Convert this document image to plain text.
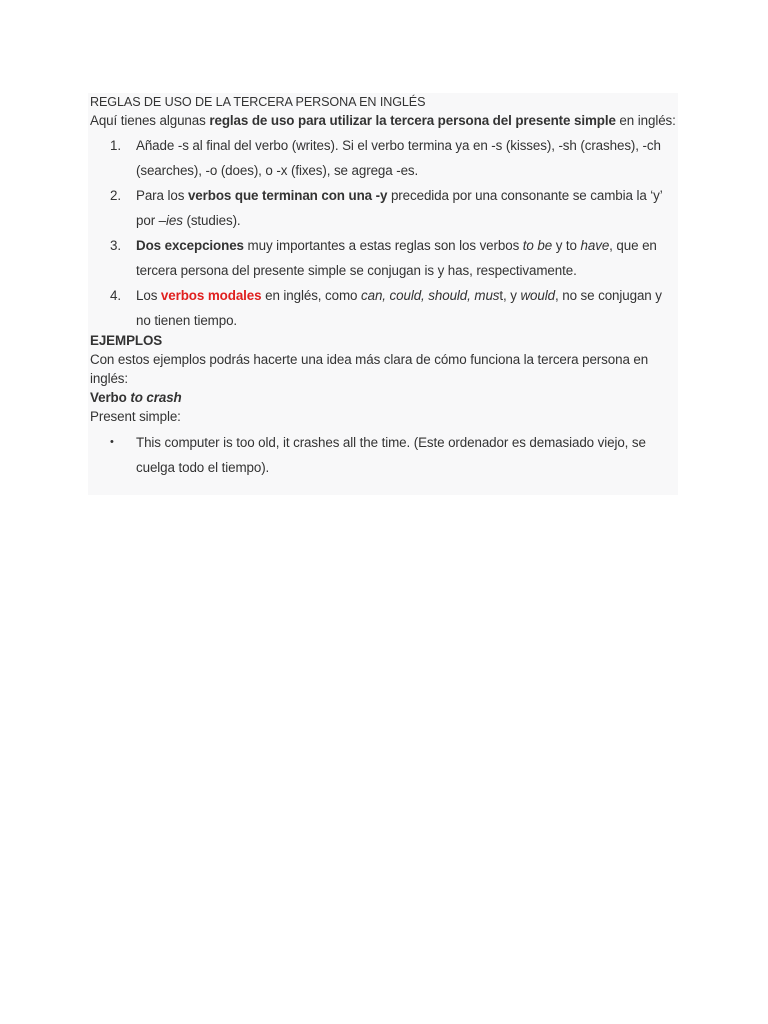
REGLAS DE USO DE LA TERCERA PERSONA EN INGLÉS

Aquí tienes algunas reglas de uso para utilizar la tercera persona del presente simple en inglés:

1.	Añade -s al final del verbo (writes). Si el verbo termina ya en -s (kisses), -sh (crashes), -ch (searches), -o (does), o -x (fixes), se agrega -es.
2.	Para los verbos que terminan con una -y precedida por una consonante se cambia la ‘y’ por –ies (studies).
3.	Dos excepciones muy importantes a estas reglas son los verbos to be y to have, que en tercera persona del presente simple se conjugan is y has, respectivamente.
4.	Los verbos modales en inglés, como can, could, should, must, y would, no se conjugan y no tienen tiempo.

EJEMPLOS

Con estos ejemplos podrás hacerte una idea más clara de cómo funciona la tercera persona en inglés:

Verbo to crash

Present simple:

•	This computer is too old, it crashes all the time. (Este ordenador es demasiado viejo, se cuelga todo el tiempo).
